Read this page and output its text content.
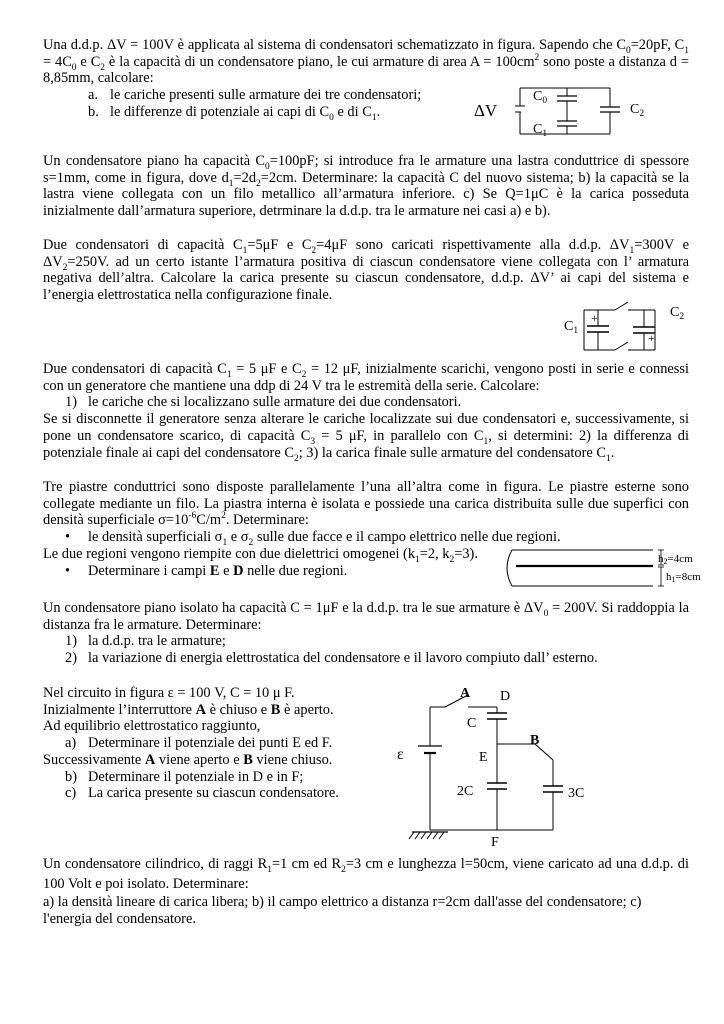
Una d.d.p. ΔV = 100V è applicata al sistema di condensatori schematizzato in figura. Sapendo che $C_0=20pF$, $C_1 = 4C_0$ e $C_2$ è la capacità di un condensatore piano, le cui armature di area $A = 100cm^2$ sono poste a distanza d = 8,85mm, calcolare:

a. le cariche presenti sulle armature dei tre condensatori;
b. le differenze di potenziale ai capi di $C_0$ e di $C_1$.	ΔV
$C_0$
$C_1$
$C_2$

Un condensatore piano ha capacità $C_0=100pF$; si introduce fra le armature una lastra conduttrice di spessore s=1mm, come in figura, dove $d_1=2d_2=2cm$. Determinare: la capacità C del nuovo sistema; b) la capacità se la lastra viene collegata con un filo metallico all’armatura inferiore. c) Se Q=1μC è la carica posseduta inizialmente dall’armatura superiore, detrminare la d.d.p. tra le armature nei casi a) e b).

Due condensatori di capacità $C_1=5\mu F$ e $C_2=4\mu F$ sono caricati rispettivamente alla d.d.p. $\Delta V_1=300V$ e $\Delta V_2=250V$. ad un certo istante l’armatura positiva di ciascun condensatore viene collegata con l’ armatura negativa dell’altra. Calcolare la carica presente su ciascun condensatore, d.d.p. ΔV’ ai capi del sistema e l’energia elettrostatica nella configurazione finale.

+
+
$C_1$
$C_2$

Due condensatori di capacità $C_1 = 5$ μF e $C_2 = 12$ μF, inizialmente scarichi, vengono posti in serie e connessi con un generatore che mantiene una ddp di 24 V tra le estremità della serie. Calcolare:

1) le cariche che si localizzano sulle armature dei due condensatori.

Se si disconnette il generatore senza alterare le cariche localizzate sui due condensatori e, successivamente, si pone un condensatore scarico, di capacità $C_3 = 5$ μF, in parallelo con $C_1$, si determini: 2) la differenza di potenziale finale ai capi del condensatore $C_2$; 3) la carica finale sulle armature del condensatore $C_1$.

Tre piastre conduttrici sono disposte parallelamente l’una all’altra come in figura. Le piastre esterne sono collegate mediante un filo. La piastra interna è isolata e possiede una carica distribuita sulle due superfici con densità superficiale $\sigma=10^{-6}C/m^2$. Determinare:

• le densità superficiali $\sigma_1$ e $\sigma_2$ sulle due facce e il campo elettrico nelle due regioni.

Le due regioni vengono riempite con due dielettrici omogenei ($k_1=2$, $k_2=3$).

• Determinare i campi E e D nelle due regioni.
h2=4cm
h1=8cm

Un condensatore piano isolato ha capacità C = 1μF e la d.d.p. tra le sue armature è $\Delta V_0 = 200V$. Si raddoppia la distanza fra le armature. Determinare:

1) la d.d.p. tra le armature;
2) la variazione di energia elettrostatica del condensatore e il lavoro compiuto dall’ esterno.

Nel circuito in figura ε = 100 V, C = 10 μ F.

Inizialmente l’interruttore A è chiuso e B è aperto.

Ad equilibrio elettrostatico raggiunto,

a) Determinare il potenziale dei punti E ed F.

Successivamente A viene aperto e B viene chiuso.

b) Determinare il potenziale in D e in F;
c) La carica presente su ciascun condensatore.
ε
A D
C
B
E
2C	3C
F

Un condensatore cilindrico, di raggi $R_1=1$ cm ed $R_2=3$ cm e lunghezza l=50cm, viene caricato ad una d.d.p. di 100 Volt e poi isolato. Determinare:

a) la densità lineare di carica libera; b) il campo elettrico a distanza r=2cm dall'asse del condensatore; c) l'energia del condensatore.
